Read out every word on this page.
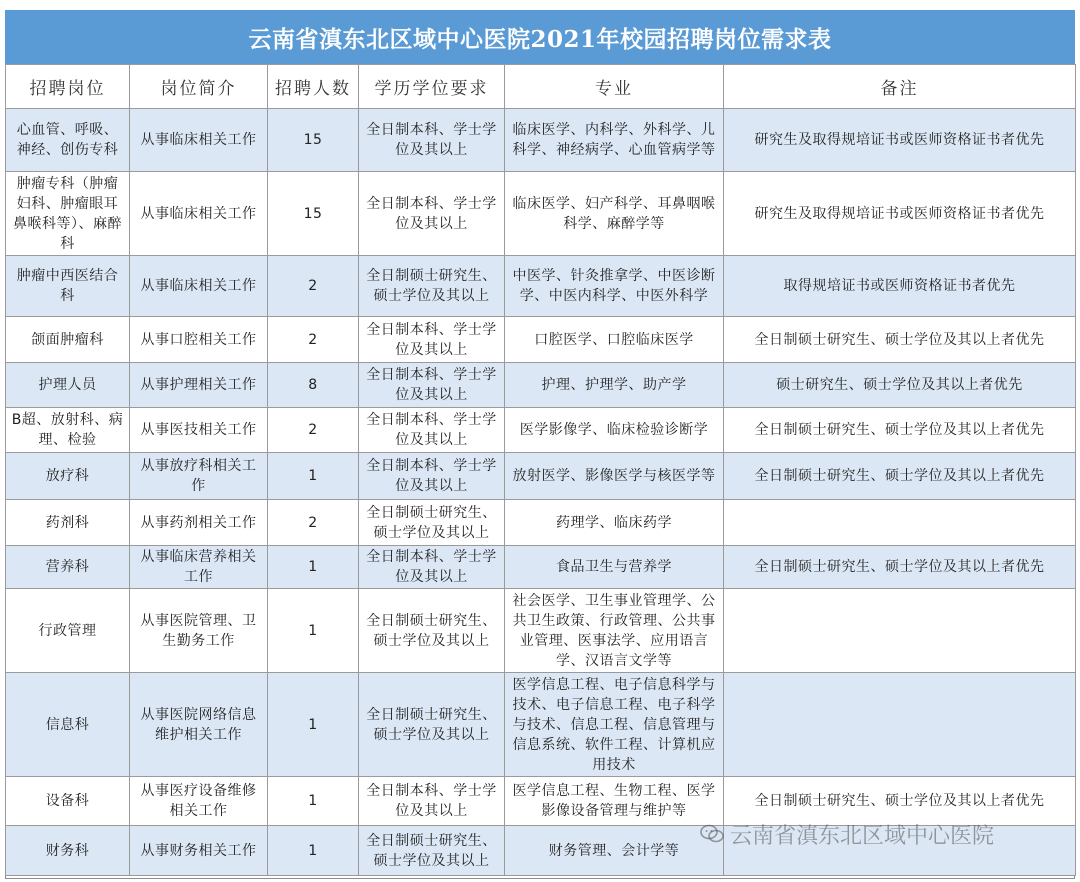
云南省滇东北区域中心医院2021年校园招聘岗位需求表
招聘岗位	岗位简介	招聘人数	学历学位要求	专业	备注
心血管、呼吸、神经、创伤专科	从事临床相关工作	15	全日制本科、学士学位及其以上	临床医学、内科学、外科学、儿科学、神经病学、心血管病学等	研究生及取得规培证书或医师资格证书者优先
肿瘤专科（肿瘤妇科、肿瘤眼耳鼻喉科等）、麻醉科	从事临床相关工作	15	全日制本科、学士学位及其以上	临床医学、妇产科学、耳鼻咽喉科学、麻醉学等	研究生及取得规培证书或医师资格证书者优先
肿瘤中西医结合科	从事临床相关工作	2	全日制硕士研究生、硕士学位及其以上	中医学、针灸推拿学、中医诊断学、中医内科学、中医外科学	取得规培证书或医师资格证书者优先
颌面肿瘤科	从事口腔相关工作	2	全日制本科、学士学位及其以上	口腔医学、口腔临床医学	全日制硕士研究生、硕士学位及其以上者优先
护理人员	从事护理相关工作	8	全日制本科、学士学位及其以上	护理、护理学、助产学	硕士研究生、硕士学位及其以上者优先
B超、放射科、病理、检验	从事医技相关工作	2	全日制本科、学士学位及其以上	医学影像学、临床检验诊断学	全日制硕士研究生、硕士学位及其以上者优先
放疗科	从事放疗科相关工作	1	全日制本科、学士学位及其以上	放射医学、影像医学与核医学等	全日制硕士研究生、硕士学位及其以上者优先
药剂科	从事药剂相关工作	2	全日制硕士研究生、硕士学位及其以上	药理学、临床药学	
营养科	从事临床营养相关工作	1	全日制本科、学士学位及其以上	食品卫生与营养学	全日制硕士研究生、硕士学位及其以上者优先
行政管理	从事医院管理、卫生勤务工作	1	全日制硕士研究生、硕士学位及其以上	社会医学、卫生事业管理学、公共卫生政策、行政管理、公共事业管理、医事法学、应用语言学、汉语言文学等	
信息科	从事医院网络信息维护相关工作	1	全日制硕士研究生、硕士学位及其以上	医学信息工程、电子信息科学与技术、电子信息工程、电子科学与技术、信息工程、信息管理与信息系统、软件工程、计算机应用技术	
设备科	从事医疗设备维修相关工作	1	全日制本科、学士学位及其以上	医学信息工程、生物工程、医学影像设备管理与维护等	全日制硕士研究生、硕士学位及其以上者优先
财务科	从事财务相关工作	1	全日制硕士研究生、硕士学位及其以上	财务管理、会计学等	
云南省滇东北区域中心医院
